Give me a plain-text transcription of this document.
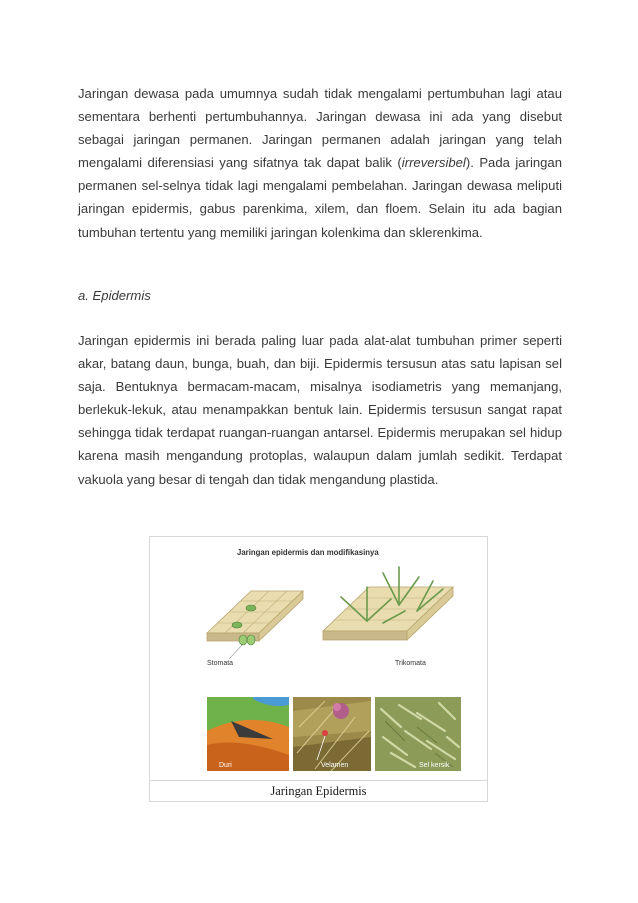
Jaringan dewasa pada umumnya sudah tidak mengalami pertumbuhan lagi atau sementara berhenti pertumbuhannya. Jaringan dewasa ini ada yang disebut sebagai jaringan permanen. Jaringan permanen adalah jaringan yang telah mengalami diferensiasi yang sifatnya tak dapat balik (irreversibel). Pada jaringan permanen sel-selnya tidak lagi mengalami pembelahan. Jaringan dewasa meliputi jaringan epidermis, gabus parenkima, xilem, dan floem. Selain itu ada bagian tumbuhan tertentu yang memiliki jaringan kolenkima dan sklerenkima.

a. Epidermis

Jaringan epidermis ini berada paling luar pada alat-alat tumbuhan primer seperti akar, batang daun, bunga, buah, dan biji. Epidermis tersusun atas satu lapisan sel saja. Bentuknya bermacam-macam, misalnya isodiametris yang memanjang, berlekuk-lekuk, atau menampakkan bentuk lain. Epidermis tersusun sangat rapat sehingga tidak terdapat ruangan-ruangan antarsel. Epidermis merupakan sel hidup karena masih mengandung protoplas, walaupun dalam jumlah sedikit. Terdapat vakuola yang besar di tengah dan tidak mengandung plastida.

Jaringan epidermis dan modifikasinya
Stomata	Trikomata
Duri	Velamen	Sel kersik
Jaringan Epidermis
